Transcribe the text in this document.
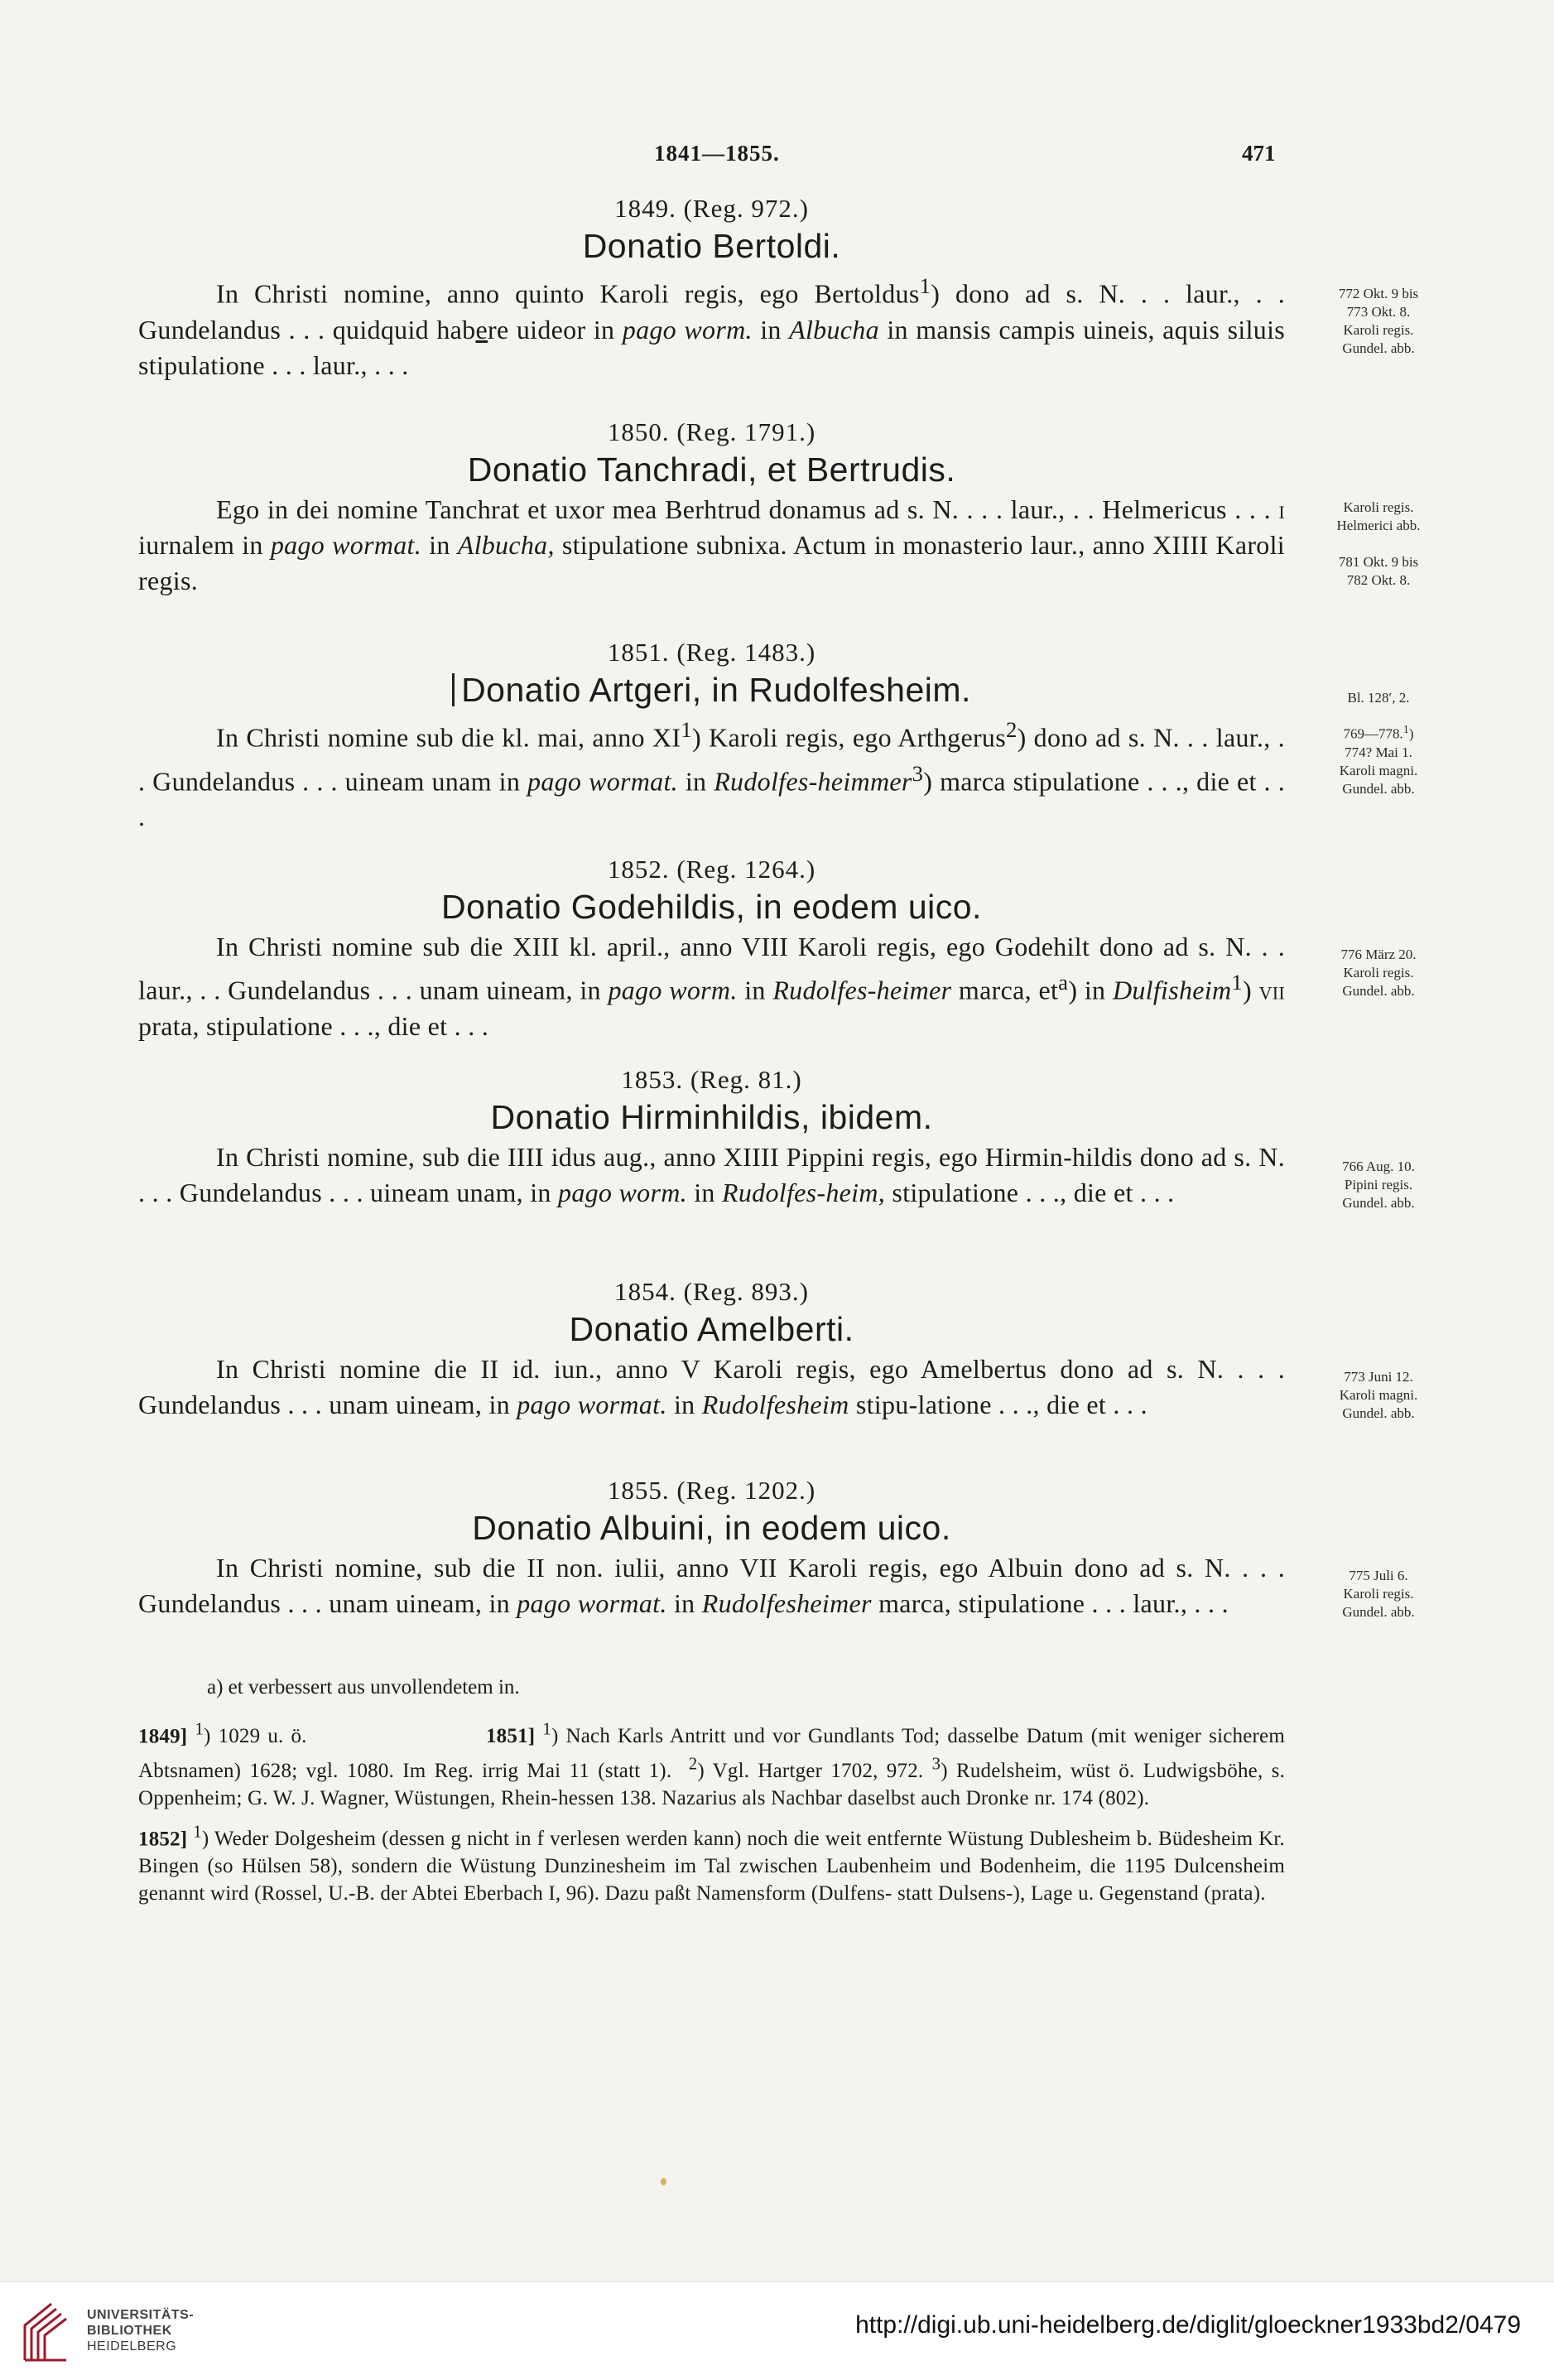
1841—1855.	471
1849. (Reg. 972.)
Donatio Bertoldi.
In Christi nomine, anno quinto Karoli regis, ego Bertoldus$^1$) dono ad s. N. . . laur., . . Gundelandus . . . quidquid habere uideor in pago worm. in Albucha in mansis campis uineis, aquis siluis stipulatione . . . laur., . . .
772 Okt. 9 bis
773 Okt. 8.
Karoli regis.
Gundel. abb.
1850. (Reg. 1791.)
Donatio Tanchradi, et Bertrudis.
Ego in dei nomine Tanchrat et uxor mea Berhtrud donamus ad s. N. . . . laur., . . Helmericus . . . i iurnalem in pago wormat. in Albucha, stipulatione subnixa. Actum in monasterio laur., anno XIIII Karoli regis.
Karoli regis.
Helmerici abb.
781 Okt. 9 bis
782 Okt. 8.
1851. (Reg. 1483.)
Donatio Artgeri, in Rudolfesheim.
In Christi nomine sub die kl. mai, anno $XI^1$) Karoli regis, ego Arthgerus$^2$) dono ad s. N. . . laur., . . Gundelandus . . . uineam unam in pago wormat. in Rudolfes-heimmer$^3$) marca stipulatione . . ., die et . . .
Bl. 128′, 2.
769—778.$^1$)
774? Mai 1.
Karoli magni.
Gundel. abb.
1852. (Reg. 1264.)
Donatio Godehildis, in eodem uico.
In Christi nomine sub die XIII kl. april., anno VIII Karoli regis, ego Godehilt dono ad s. N. . . laur., . . Gundelandus . . . unam uineam, in pago worm. in Rudolfes-heimer marca, $et^a$) in Dulfisheim$^1$) vii prata, stipulatione . . ., die et . . .
776 März 20.
Karoli regis.
Gundel. abb.
1853. (Reg. 81.)
Donatio Hirminhildis, ibidem.
In Christi nomine, sub die IIII idus aug., anno XIIII Pippini regis, ego Hirmin-hildis dono ad s. N. . . . Gundelandus . . . uineam unam, in pago worm. in Rudolfes-heim, stipulatione . . ., die et . . .
766 Aug. 10.
Pipini regis.
Gundel. abb.
1854. (Reg. 893.)
Donatio Amelberti.
In Christi nomine die II id. iun., anno V Karoli regis, ego Amelbertus dono ad s. N. . . . Gundelandus . . . unam uineam, in pago wormat. in Rudolfesheim stipu-latione . . ., die et . . .
773 Juni 12.
Karoli magni.
Gundel. abb.
1855. (Reg. 1202.)
Donatio Albuini, in eodem uico.
In Christi nomine, sub die II non. iulii, anno VII Karoli regis, ego Albuin dono ad s. N. . . . Gundelandus . . . unam uineam, in pago wormat. in Rudolfesheimer marca, stipulatione . . . laur., . . .
775 Juli 6.
Karoli regis.
Gundel. abb.
a) et verbessert aus unvollendetem in.

1849] $^1$) 1029 u. ö.                        1851] $^1$) Nach Karls Antritt und vor Gundlants Tod; dasselbe Datum (mit weniger sicherem Abtsnamen) 1628; vgl. 1080. Im Reg. irrig Mai 11 (statt 1).  $^2$) Vgl. Hartger 1702, 972. $^3$) Rudelsheim, wüst ö. Ludwigsböhe, s. Oppenheim; G. W. J. Wagner, Wüstungen, Rhein-hessen 138. Nazarius als Nachbar daselbst auch Dronke nr. 174 (802).

1852] $^1$) Weder Dolgesheim (dessen g nicht in f verlesen werden kann) noch die weit entfernte Wüstung Dublesheim b. Büdesheim Kr. Bingen (so Hülsen 58), sondern die Wüstung Dunzinesheim im Tal zwischen Laubenheim und Bodenheim, die 1195 Dulcensheim genannt wird (Rossel, U.-B. der Abtei Eberbach I, 96). Dazu paßt Namensform (Dulfens- statt Dulsens-), Lage u. Gegenstand (prata).

UNIVERSITÄTS-
BIBLIOTHEK
HEIDELBERG
http://digi.ub.uni-heidelberg.de/diglit/gloeckner1933bd2/0479
